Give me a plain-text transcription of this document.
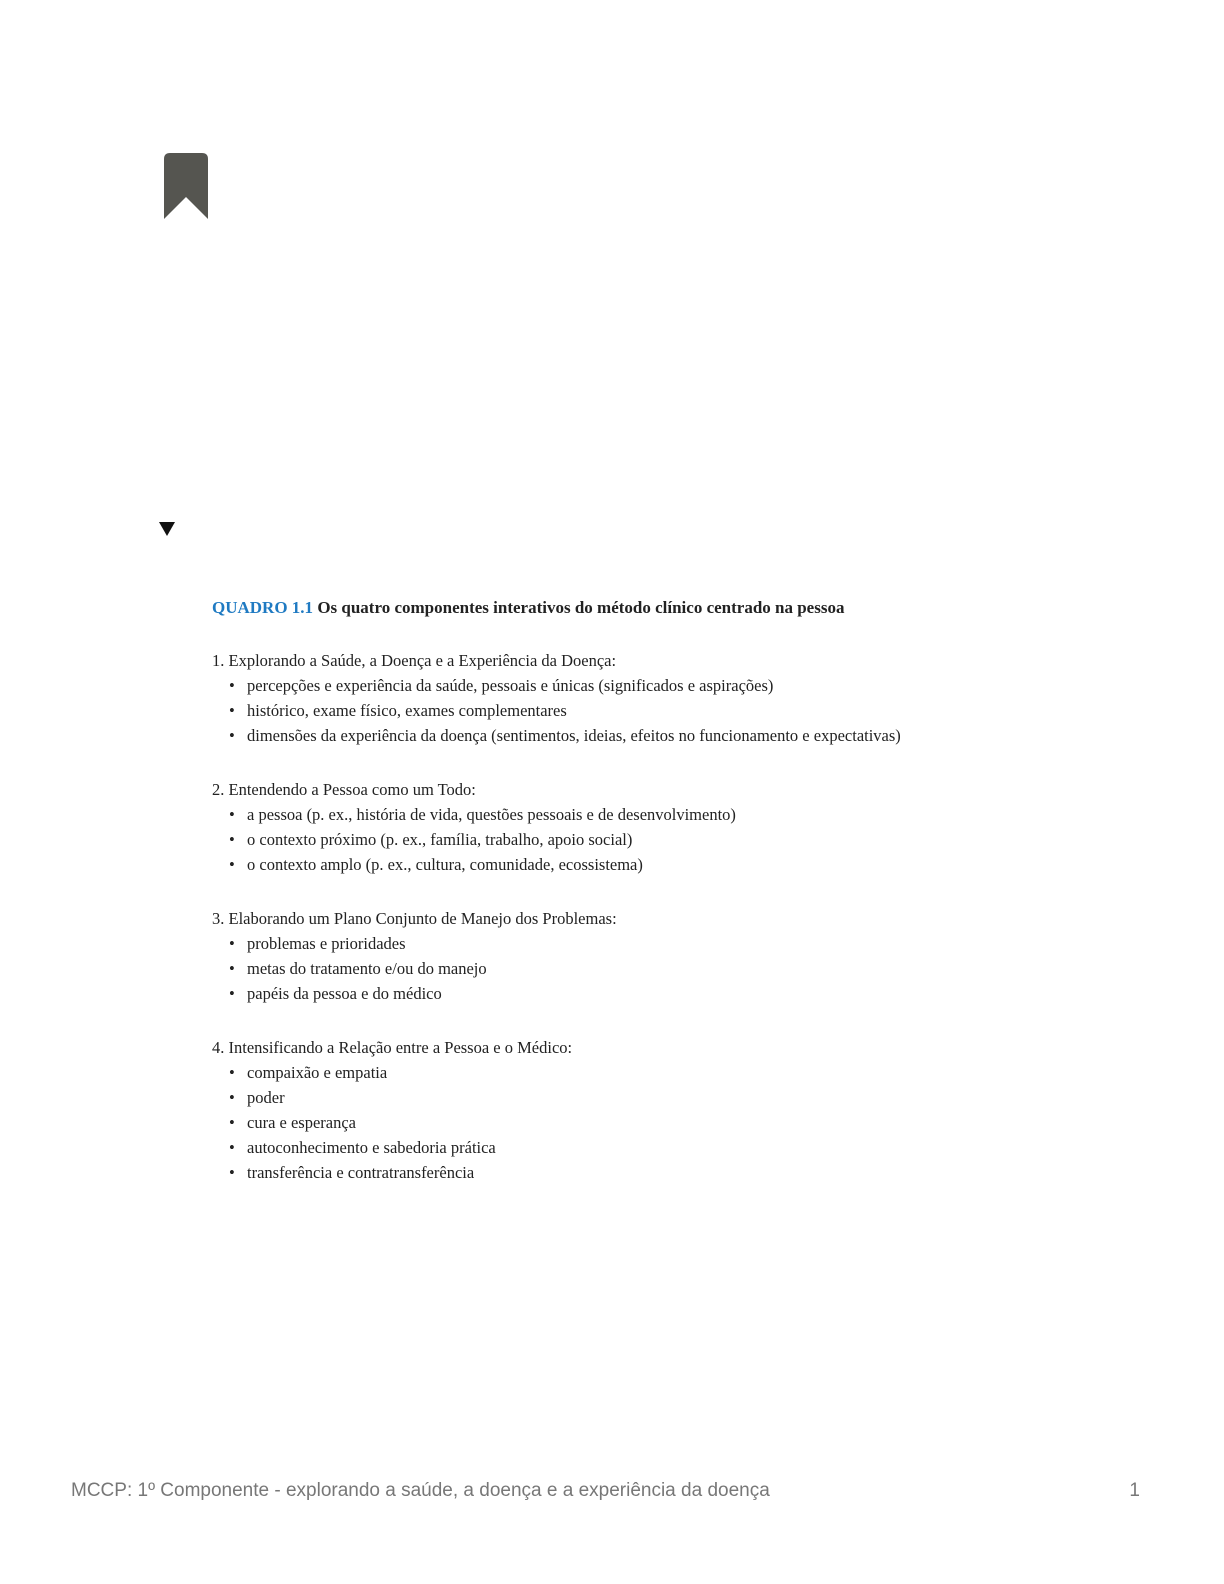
QUADRO 1.1 Os quatro componentes interativos do método clínico centrado na pessoa
1. Explorando a Saúde, a Doença e a Experiência da Doença:
• percepções e experiência da saúde, pessoais e únicas (significados e aspirações)
• histórico, exame físico, exames complementares
• dimensões da experiência da doença (sentimentos, ideias, efeitos no funcionamento e expectativas)
2. Entendendo a Pessoa como um Todo:
• a pessoa (p. ex., história de vida, questões pessoais e de desenvolvimento)
• o contexto próximo (p. ex., família, trabalho, apoio social)
• o contexto amplo (p. ex., cultura, comunidade, ecossistema)
3. Elaborando um Plano Conjunto de Manejo dos Problemas:
• problemas e prioridades
• metas do tratamento e/ou do manejo
• papéis da pessoa e do médico
4. Intensificando a Relação entre a Pessoa e o Médico:
• compaixão e empatia
• poder
• cura e esperança
• autoconhecimento e sabedoria prática
• transferência e contratransferência
MCCP: 1º Componente - explorando a saúde, a doença e a experiência da doença	1
